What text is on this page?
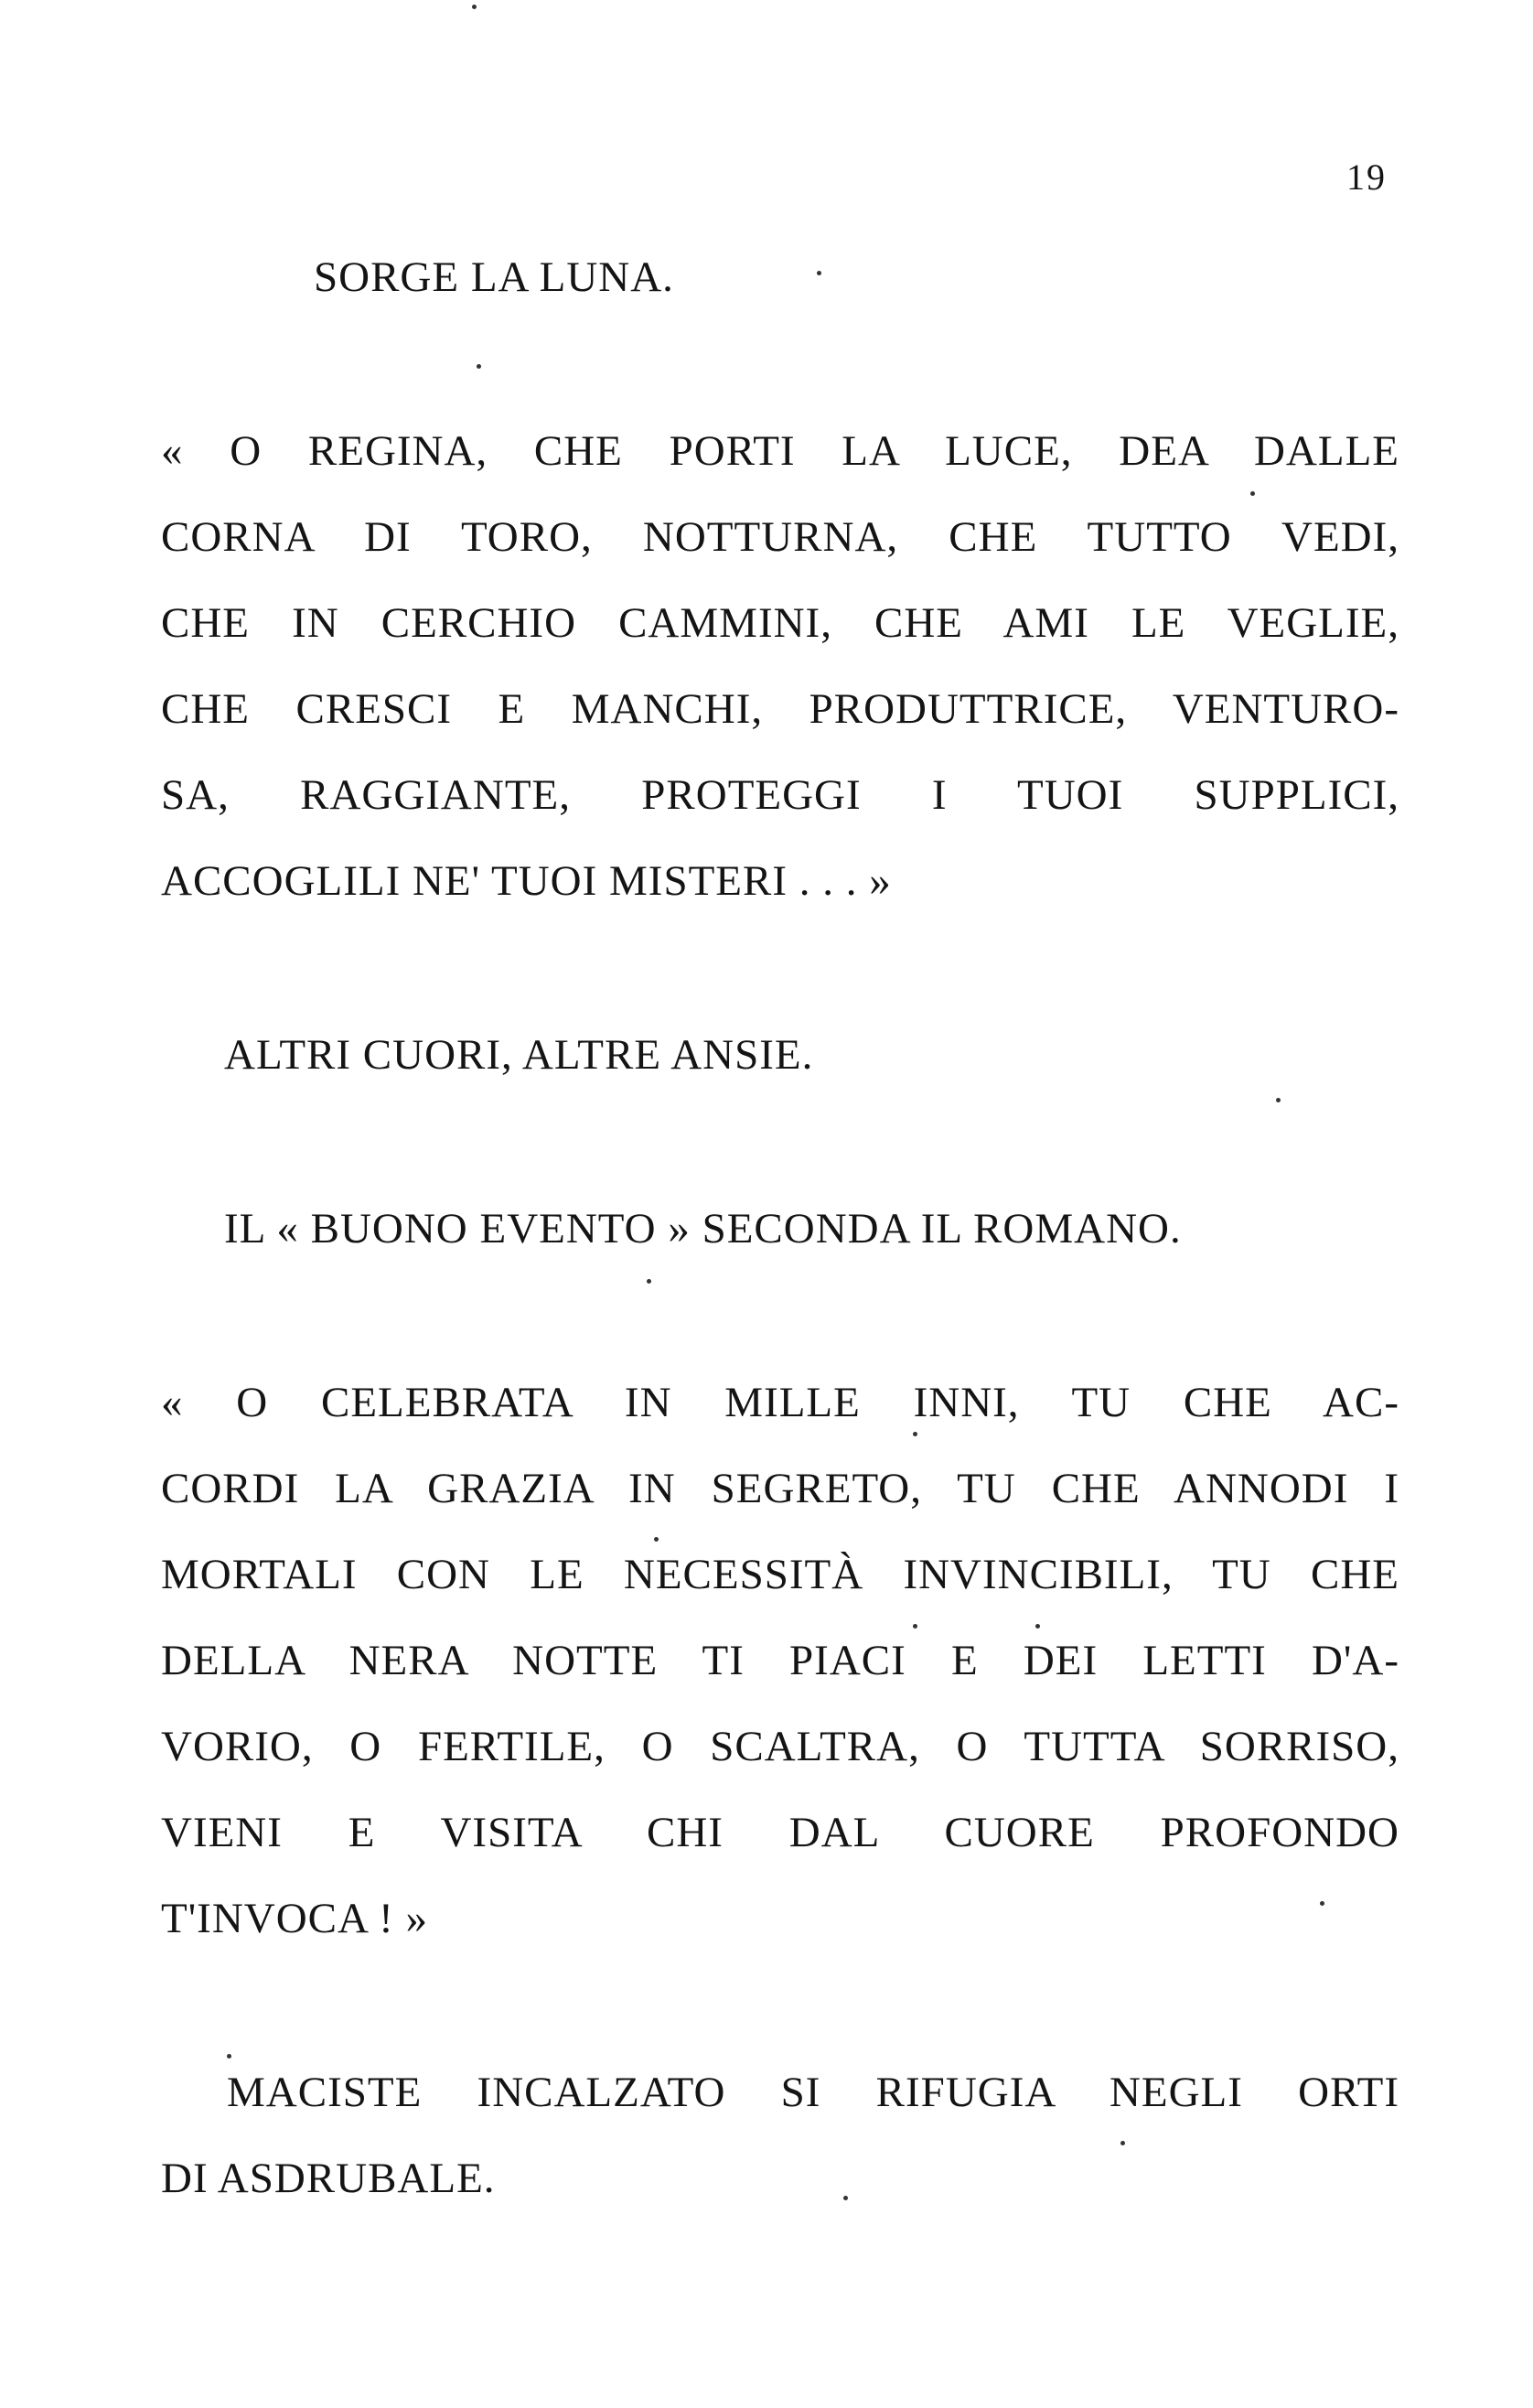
19
SORGE LA LUNA.
« O REGINA, CHE PORTI LA LUCE, DEA DALLE
CORNA DI TORO, NOTTURNA, CHE TUTTO VEDI,
CHE IN CERCHIO CAMMINI, CHE AMI LE VEGLIE,
CHE CRESCI E MANCHI, PRODUTTRICE, VENTURO-
SA, RAGGIANTE, PROTEGGI I TUOI SUPPLICI,
ACCOGLILI NE' TUOI MISTERI . . . »
ALTRI CUORI, ALTRE ANSIE.
IL « BUONO EVENTO » SECONDA IL ROMANO.
« O CELEBRATA IN MILLE INNI, TU CHE AC-
CORDI LA GRAZIA IN SEGRETO, TU CHE ANNODI I
MORTALI CON LE NECESSITÀ INVINCIBILI, TU CHE
DELLA NERA NOTTE TI PIACI E DEI LETTI D'A-
VORIO, O FERTILE, O SCALTRA, O TUTTA SORRISO,
VIENI E VISITA CHI DAL CUORE PROFONDO
T'INVOCA ! »
MACISTE INCALZATO SI RIFUGIA NEGLI ORTI
DI ASDRUBALE.
